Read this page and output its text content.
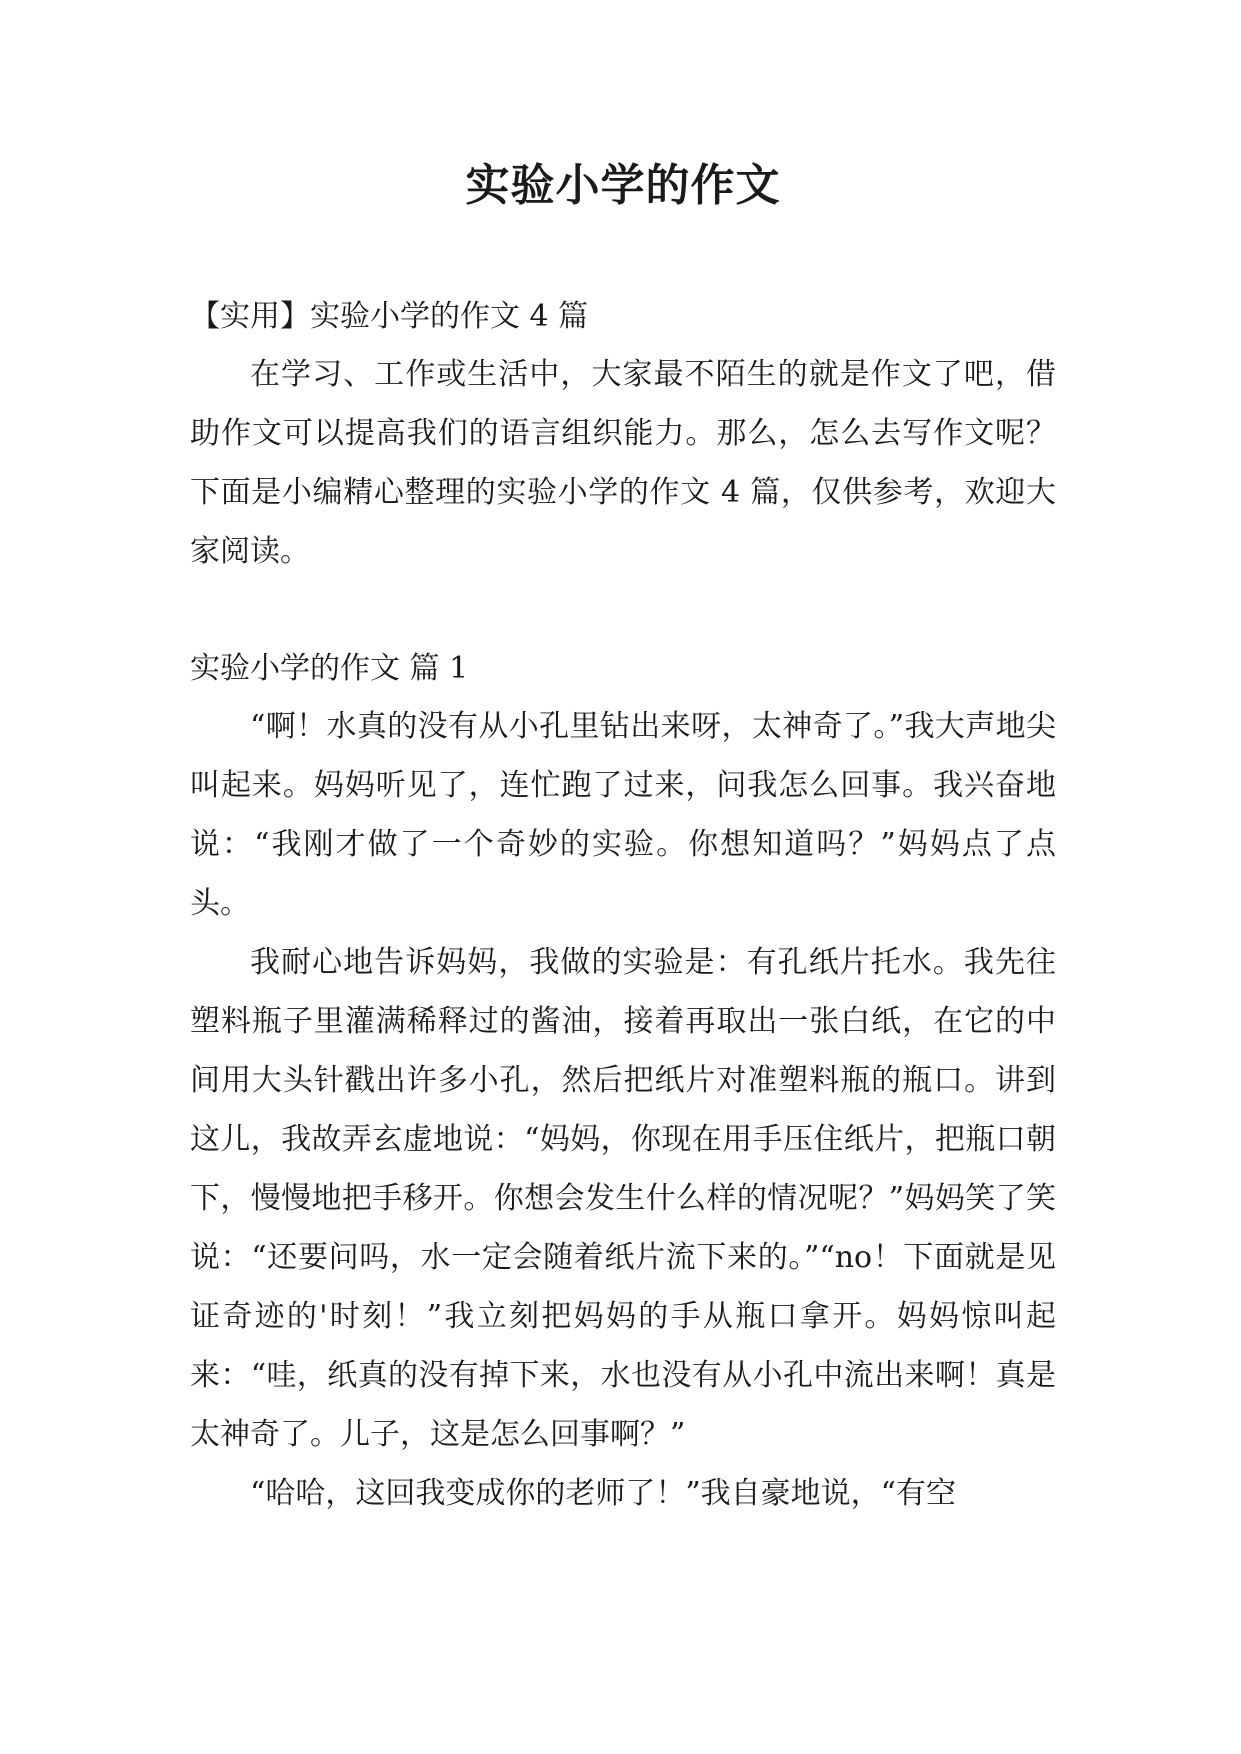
实验小学的作文
【实用】实验小学的作文 4 篇

在学习、工作或生活中，大家最不陌生的就是作文了吧，借助作文可以提高我们的语言组织能力。那么，怎么去写作文呢？下面是小编精心整理的实验小学的作文 4 篇，仅供参考，欢迎大家阅读。

实验小学的作文 篇 1

“啊！水真的没有从小孔里钻出来呀，太神奇了。”我大声地尖叫起来。妈妈听见了，连忙跑了过来，问我怎么回事。我兴奋地说：“我刚才做了一个奇妙的实验。你想知道吗？”妈妈点了点头。

我耐心地告诉妈妈，我做的实验是：有孔纸片托水。我先往塑料瓶子里灌满稀释过的酱油，接着再取出一张白纸，在它的中间用大头针戳出许多小孔，然后把纸片对准塑料瓶的瓶口。讲到这儿，我故弄玄虚地说：“妈妈，你现在用手压住纸片，把瓶口朝下，慢慢地把手移开。你想会发生什么样的情况呢？”妈妈笑了笑说：“还要问吗，水一定会随着纸片流下来的。”“no！下面就是见证奇迹的'时刻！”我立刻把妈妈的手从瓶口拿开。妈妈惊叫起来：“哇，纸真的没有掉下来，水也没有从小孔中流出来啊！真是太神奇了。儿子，这是怎么回事啊？”

“哈哈，这回我变成你的老师了！”我自豪地说，“有空
